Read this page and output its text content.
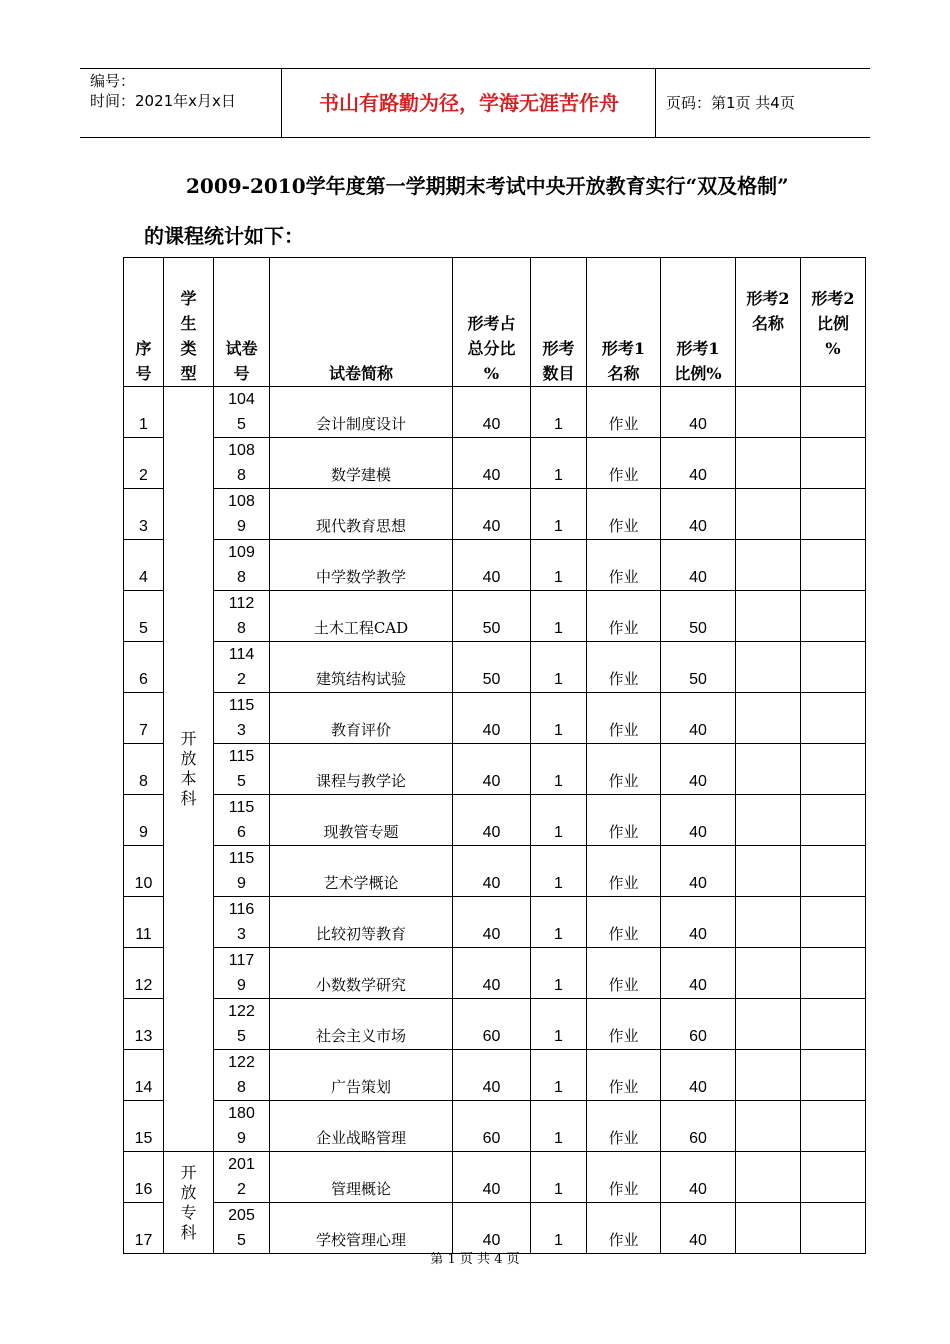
编号：
时间：2021年x月x日	书山有路勤为径，学海无涯苦作舟	页码：第1页 共4页
2009-2010学年度第一学期期末考试中央开放教育实行“双及格制”
的课程统计如下：
序
号	学
生
类
型	试卷
号	试卷简称	形考占
总分比
%	形考
数目	形考1
名称	形考1
比例%	形考2
名称	形考2
比例
%

1	开
放
本
科	104
5	会计制度设计	40	1	作业	40		
2		108
8	数学建模	40	1	作业	40		
3		108
9	现代教育思想	40	1	作业	40		
4		109
8	中学数学教学	40	1	作业	40		
5		112
8	土木工程CAD	50	1	作业	50		
6		114
2	建筑结构试验	50	1	作业	50		
7		115
3	教育评价	40	1	作业	40		
8		115
5	课程与教学论	40	1	作业	40		
9		115
6	现教管专题	40	1	作业	40		
10		115
9	艺术学概论	40	1	作业	40		
11		116
3	比较初等教育	40	1	作业	40		
12		117
9	小数数学研究	40	1	作业	40		
13		122
5	社会主义市场	60	1	作业	60		
14		122
8	广告策划	40	1	作业	40		
15		180
9	企业战略管理	60	1	作业	60		
16	开
放
专
科	201
2	管理概论	40	1	作业	40		
17		205
5	学校管理心理	40	1	作业	40		
第 1 页 共 4 页
